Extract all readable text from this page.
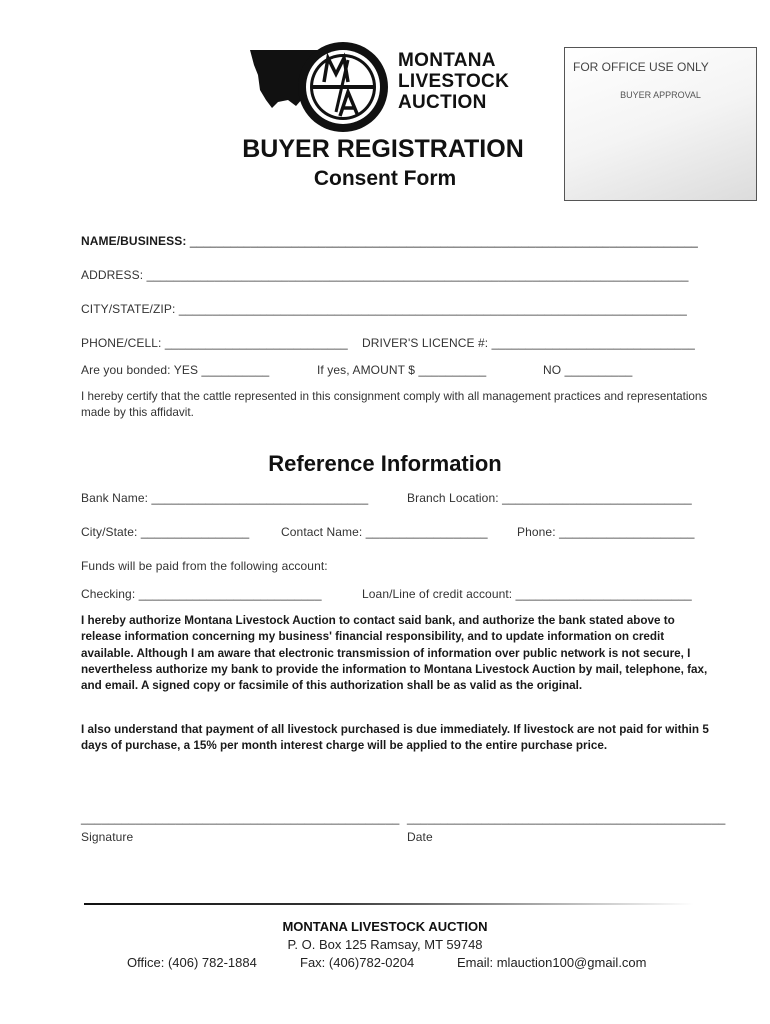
MONTANA
LIVESTOCK
AUCTION
FOR OFFICE USE ONLY
BUYER APPROVAL
BUYER REGISTRATION
Consent Form
NAME/BUSINESS: ___________________________________________________________________________
ADDRESS: ________________________________________________________________________________
CITY/STATE/ZIP: ___________________________________________________________________________
PHONE/CELL: ___________________________ DRIVER'S LICENCE #: ______________________________
Are you bonded: YES __________	If yes, AMOUNT $ __________	NO __________
I hereby certify that the cattle represented in this consignment comply with all management practices and representations made by this affidavit.
Reference Information
Bank Name: ________________________________	Branch Location: ____________________________
City/State: ________________	Contact Name: __________________ Phone: ____________________
Funds will be paid from the following account:
Checking: ___________________________	Loan/Line of credit account: __________________________
I hereby authorize Montana Livestock Auction to contact said bank, and authorize the bank stated above to release information concerning my business' financial responsibility, and to update information on credit available. Although I am aware that electronic transmission of information over public network is not secure, I nevertheless authorize my bank to provide the information to Montana Livestock Auction by mail, telephone, fax, and email. A signed copy or facsimile of this authorization shall be as valid as the original.
I also understand that payment of all livestock purchased is due immediately. If livestock are not paid for within 5 days of purchase, a 15% per month interest charge will be applied to the entire purchase price.
_______________________________________________ _______________________________________________
Signature	Date
MONTANA LIVESTOCK AUCTION
P. O. Box 125 Ramsay, MT 59748
Office: (406) 782-1884	Fax: (406)782-0204	Email: mlauction100@gmail.com
